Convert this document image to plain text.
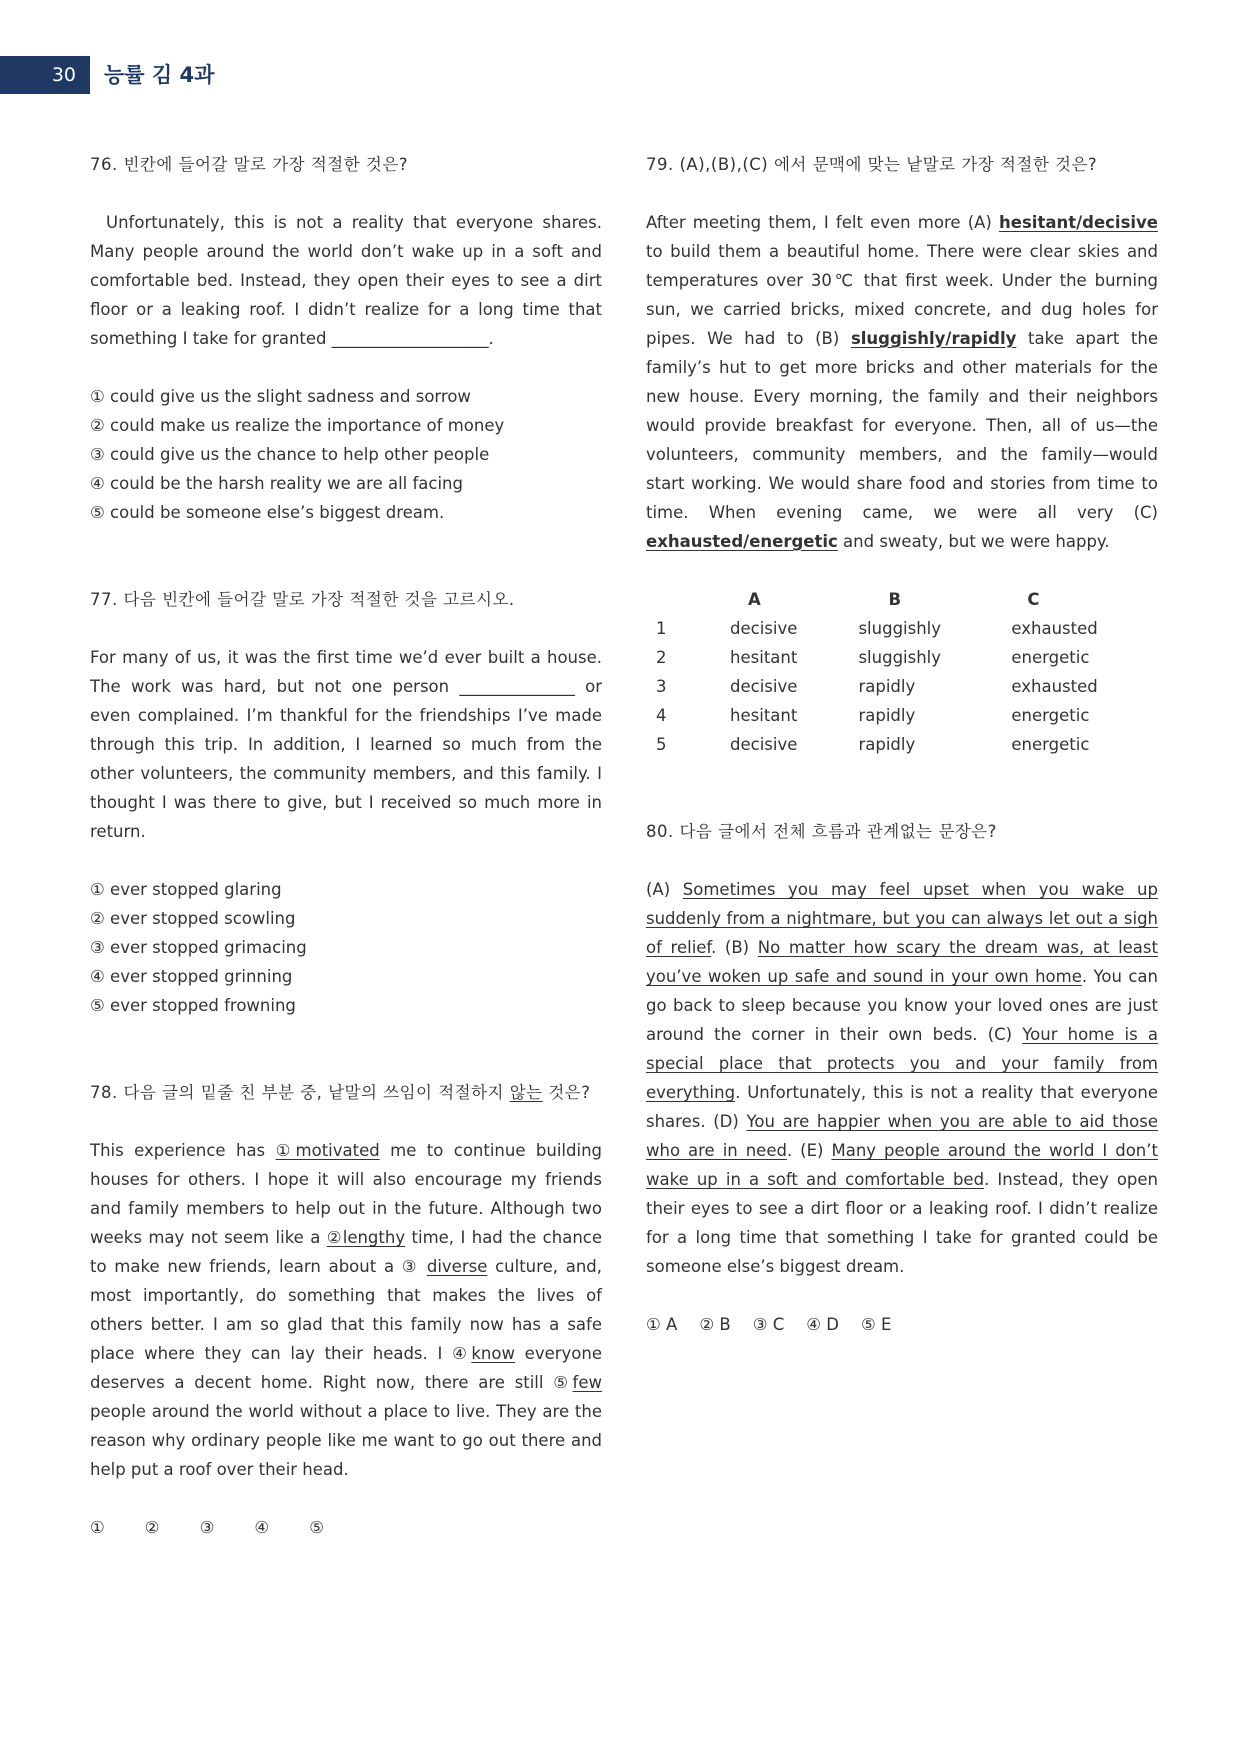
30	능률 김 4과

76. 빈칸에 들어갈 말로 가장 적절한 것은?

Unfortunately, this is not a reality that everyone shares. Many people around the world don’t wake up in a soft and comfortable bed. Instead, they open their eyes to see a dirt floor or a leaking roof. I didn’t realize for a long time that something I take for granted ___________________.

① could give us the slight sadness and sorrow

② could make us realize the importance of money

③ could give us the chance to help other people

④ could be the harsh reality we are all facing

⑤ could be someone else’s biggest dream.

77. 다음 빈칸에 들어갈 말로 가장 적절한 것을 고르시오.

For many of us, it was the first time we’d ever built a house. The work was hard, but not one person ______________ or even complained. I’m thankful for the friendships I’ve made through this trip. In addition, I learned so much from the other volunteers, the community members, and this family. I thought I was there to give, but I received so much more in return.

① ever stopped glaring

② ever stopped scowling

③ ever stopped grimacing

④ ever stopped grinning

⑤ ever stopped frowning

78. 다음 글의 밑줄 친 부분 중, 낱말의 쓰임이 적절하지 않는 것은?

This experience has ①motivated me to continue building houses for others. I hope it will also encourage my friends and family members to help out in the future. Although two weeks may not seem like a ②lengthy time, I had the chance to make new friends, learn about a ③ diverse culture, and, most importantly, do something that makes the lives of others better. I am so glad that this family now has a safe place where they can lay their heads. I ④know everyone deserves a decent home. Right now, there are still ⑤few people around the world without a place to live. They are the reason why ordinary people like me want to go out there and help put a roof over their head.

① ② ③ ④ ⑤

79. (A),(B),(C) 에서 문맥에 맞는 낱말로 가장 적절한 것은?

After meeting them, I felt even more (A) hesitant/decisive to build them a beautiful home. There were clear skies and temperatures over 30℃ that first week. Under the burning sun, we carried bricks, mixed concrete, and dug holes for pipes. We had to (B) sluggishly/rapidly take apart the family’s hut to get more bricks and other materials for the new house. Every morning, the family and their neighbors would provide breakfast for everyone. Then, all of us—the volunteers, community members, and the family—would start working. We would share food and stories from time to time. When evening came, we were all very (C) exhausted/energetic and sweaty, but we were happy.

	A	B	C
1	decisive	sluggishly	exhausted
2	hesitant	sluggishly	energetic
3	decisive	rapidly	exhausted
4	hesitant	rapidly	energetic
5	decisive	rapidly	energetic

80. 다음 글에서 전체 흐름과 관계없는 문장은?

(A) Sometimes you may feel upset when you wake up suddenly from a nightmare, but you can always let out a sigh of relief. (B) No matter how scary the dream was, at least you’ve woken up safe and sound in your own home. You can go back to sleep because you know your loved ones are just around the corner in their own beds. (C) Your home is a special place that protects you and your family from everything. Unfortunately, this is not a reality that everyone shares. (D) You are happier when you are able to aid those who are in need. (E) Many people around the world I don’t wake up in a soft and comfortable bed. Instead, they open their eyes to see a dirt floor or a leaking roof. I didn’t realize for a long time that something I take for granted could be someone else’s biggest dream.

① A ② B ③ C ④ D ⑤ E
